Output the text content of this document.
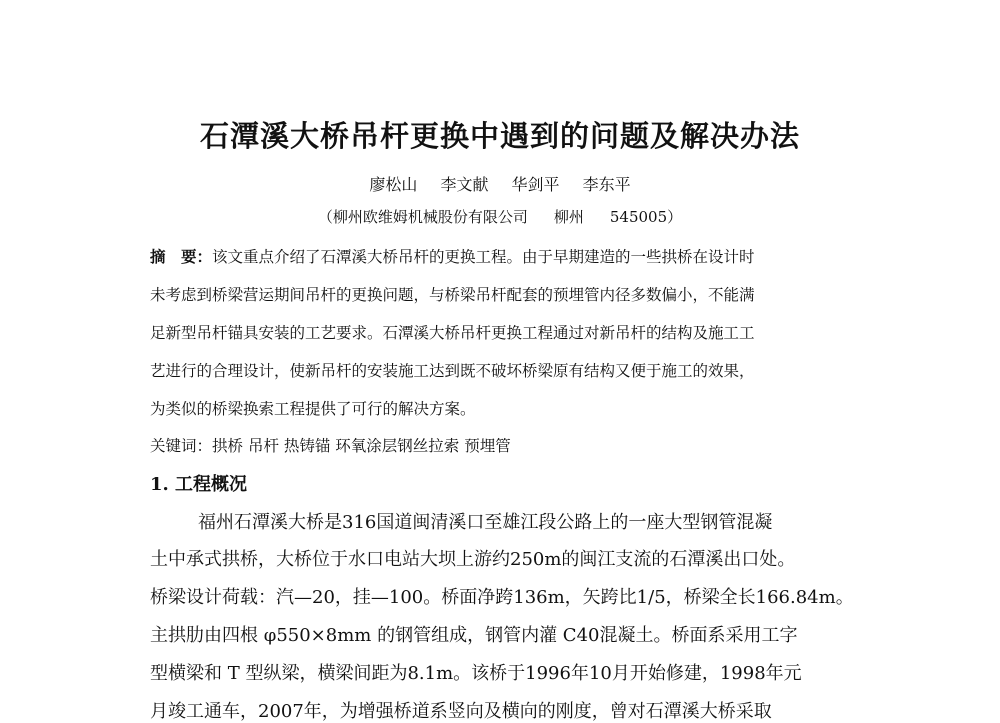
石潭溪大桥吊杆更换中遇到的问题及解决办法
廖松山 李文献 华剑平 李东平
（柳州欧维姆机械股份有限公司 柳州 545005）
摘　要：该文重点介绍了石潭溪大桥吊杆的更换工程。由于早期建造的一些拱桥在设计时
未考虑到桥梁营运期间吊杆的更换问题，与桥梁吊杆配套的预埋管内径多数偏小，不能满
足新型吊杆锚具安装的工艺要求。石潭溪大桥吊杆更换工程通过对新吊杆的结构及施工工
艺进行的合理设计，使新吊杆的安装施工达到既不破坏桥梁原有结构又便于施工的效果，
为类似的桥梁换索工程提供了可行的解决方案。
关键词：拱桥 吊杆 热铸锚 环氧涂层钢丝拉索 预埋管
1. 工程概况
福州石潭溪大桥是316国道闽清溪口至雄江段公路上的一座大型钢管混凝
土中承式拱桥，大桥位于水口电站大坝上游约250m的闽江支流的石潭溪出口处。
桥梁设计荷载：汽—20，挂—100。桥面净跨136m，矢跨比1/5，桥梁全长166.84m。
主拱肋由四根 φ550×8mm 的钢管组成，钢管内灌 C40混凝土。桥面系采用工字
型横梁和 T 型纵梁，横梁间距为8.1m。该桥于1996年10月开始修建，1998年元
月竣工通车，2007年，为增强桥道系竖向及横向的刚度，曾对石潭溪大桥采取
